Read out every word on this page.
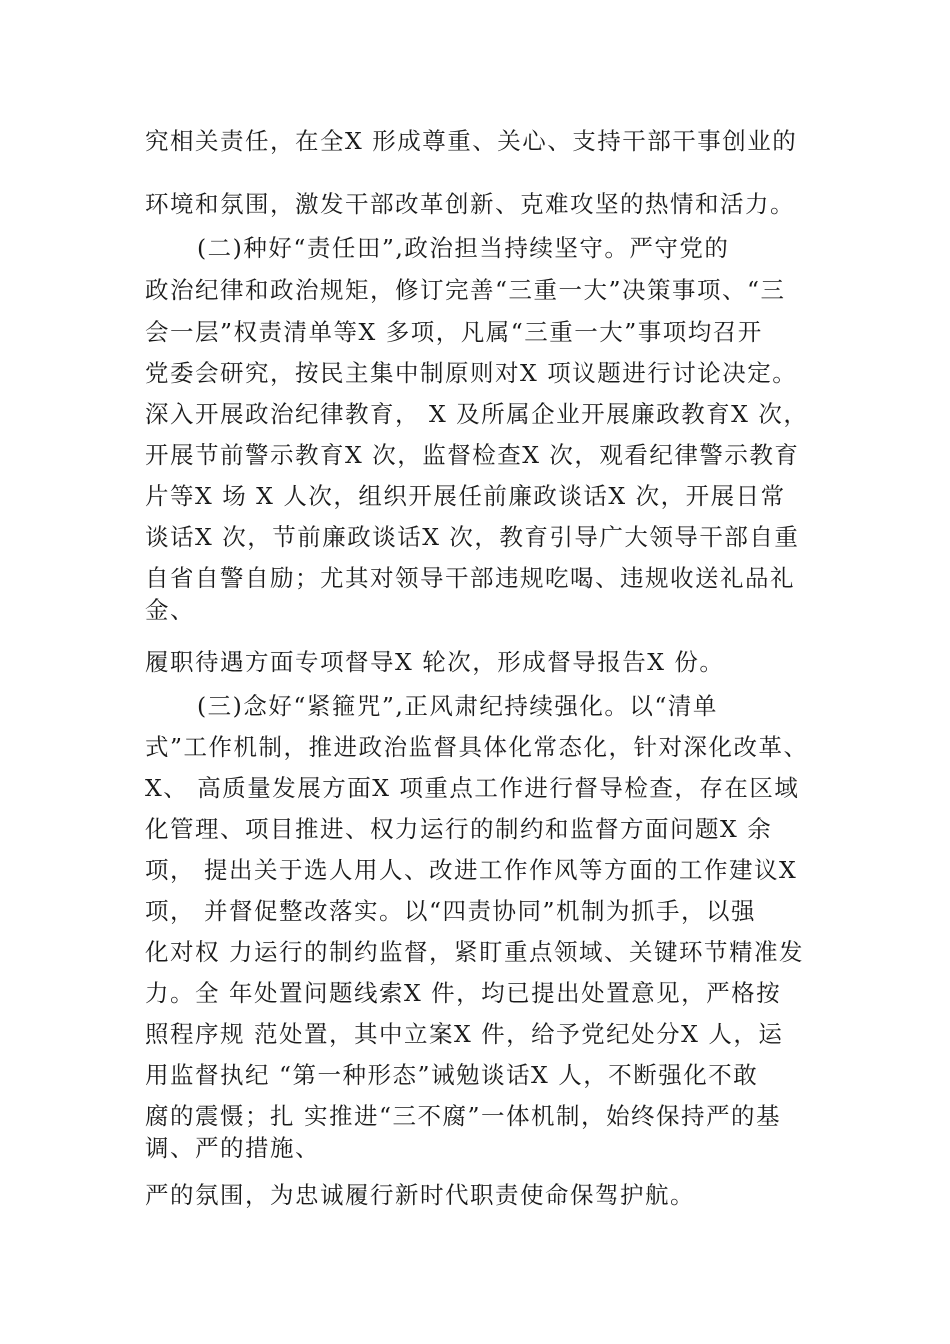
究相关责任，在全X 形成尊重、关心、支持干部干事创业的

环境和氛围，激发干部改革创新、克难攻坚的热情和活力。

(二)种好“责任田”,政治担当持续坚守。严守党的

政治纪律和政治规矩，修订完善“三重一大”决策事项、“三

会一层”权责清单等X 多项，凡属“三重一大”事项均召开

党委会研究，按民主集中制原则对X 项议题进行讨论决定。

深入开展政治纪律教育， X 及所属企业开展廉政教育X 次，

开展节前警示教育X 次，监督检查X 次，观看纪律警示教育

片等X 场 X 人次，组织开展任前廉政谈话X 次，开展日常

谈话X 次，节前廉政谈话X 次，教育引导广大领导干部自重

自省自警自励；尤其对领导干部违规吃喝、违规收送礼品礼

金、

履职待遇方面专项督导X 轮次，形成督导报告X 份。

(三)念好“紧箍咒”,正风肃纪持续强化。以“清单

式”工作机制，推进政治监督具体化常态化，针对深化改革、

X、 高质量发展方面X 项重点工作进行督导检查，存在区域

化管理、项目推进、权力运行的制约和监督方面问题X 余

项， 提出关于选人用人、改进工作作风等方面的工作建议X

项， 并督促整改落实。以“四责协同”机制为抓手，以强

化对权 力运行的制约监督，紧盯重点领域、关键环节精准发

力。全 年处置问题线索X 件，均已提出处置意见，严格按

照程序规 范处置，其中立案X 件，给予党纪处分X 人，运

用监督执纪 “第一种形态”诫勉谈话X 人，不断强化不敢

腐的震慑；扎 实推进“三不腐”一体机制，始终保持严的基

调、严的措施、

严的氛围，为忠诚履行新时代职责使命保驾护航。
